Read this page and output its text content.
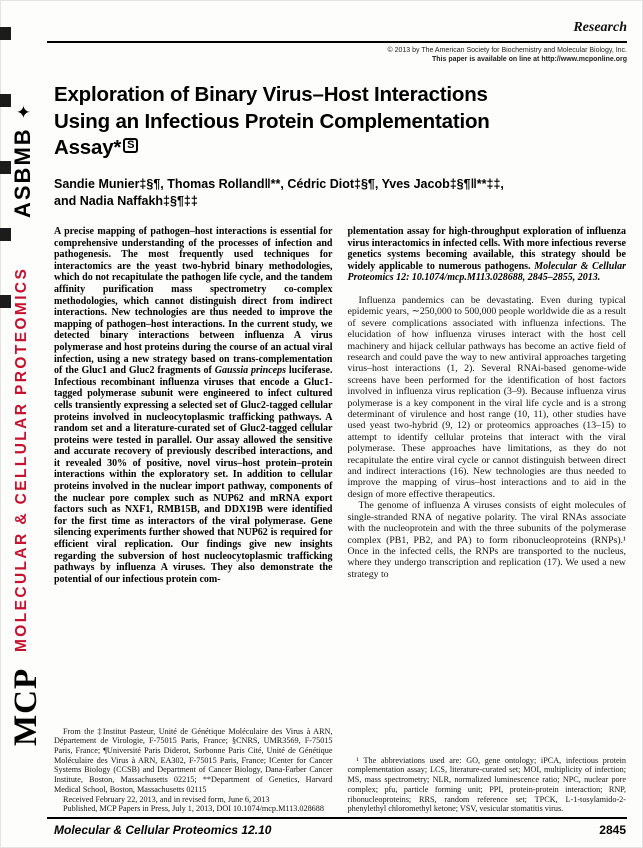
ASBMB✦
MOLECULAR & CELLULAR PROTEOMICS
MCP
Research
© 2013 by The American Society for Biochemistry and Molecular Biology, Inc.
This paper is available on line at http://www.mcponline.org
Exploration of Binary Virus–Host Interactions
Using an Infectious Protein Complementation
Assay* S
Sandie Munier‡§¶, Thomas Rolland‖**, Cédric Diot‡§¶, Yves Jacob‡§¶‖**‡‡,
and Nadia Naffakh‡§¶‡‡

A precise mapping of pathogen–host interactions is essential for comprehensive understanding of the processes of infection and pathogenesis. The most frequently used techniques for interactomics are the yeast two-hybrid binary methodologies, which do not recapitulate the pathogen life cycle, and the tandem affinity purification mass spectrometry co-complex methodologies, which cannot distinguish direct from indirect interactions. New technologies are thus needed to improve the mapping of pathogen–host interactions. In the current study, we detected binary interactions between influenza A virus polymerase and host proteins during the course of an actual viral infection, using a new strategy based on trans-complementation of the Gluc1 and Gluc2 fragments of Gaussia princeps luciferase. Infectious recombinant influenza viruses that encode a Gluc1-tagged polymerase subunit were engineered to infect cultured cells transiently expressing a selected set of Gluc2-tagged cellular proteins involved in nucleocytoplasmic trafficking pathways. A random set and a literature-curated set of Gluc2-tagged cellular proteins were tested in parallel. Our assay allowed the sensitive and accurate recovery of previously described interactions, and it revealed 30% of positive, novel virus–host protein–protein interactions within the exploratory set. In addition to cellular proteins involved in the nuclear import pathway, components of the nuclear pore complex such as NUP62 and mRNA export factors such as NXF1, RMB15B, and DDX19B were identified for the first time as interactors of the viral polymerase. Gene silencing experiments further showed that NUP62 is required for efficient viral replication. Our findings give new insights regarding the subversion of host nucleocytoplasmic trafficking pathways by influenza A viruses. They also demonstrate the potential of our infectious protein com-

From the ‡Institut Pasteur, Unité de Génétique Moléculaire des Virus à ARN, Département de Virologie, F-75015 Paris, France; §CNRS, UMR3569, F-75015 Paris, France; ¶Université Paris Diderot, Sorbonne Paris Cité, Unité de Génétique Moléculaire des Virus à ARN, EA302, F-75015 Paris, France; ‖Center for Cancer Systems Biology (CCSB) and Department of Cancer Biology, Dana-Farber Cancer Institute, Boston, Massachusetts 02215; **Department of Genetics, Harvard Medical School, Boston, Massachusetts 02115

Received February 22, 2013, and in revised form, June 6, 2013

Published, MCP Papers in Press, July 1, 2013, DOI 10.1074/mcp.M113.028688

plementation assay for high-throughput exploration of influenza virus interactomics in infected cells. With more infectious reverse genetics systems becoming available, this strategy should be widely applicable to numerous pathogens. Molecular & Cellular Proteomics 12: 10.1074/mcp.M113.028688, 2845–2855, 2013.

Influenza pandemics can be devastating. Even during typical epidemic years, ∼250,000 to 500,000 people worldwide die as a result of severe complications associated with influenza infections. The elucidation of how influenza viruses interact with the host cell machinery and hijack cellular pathways has become an active field of research and could pave the way to new antiviral approaches targeting virus–host interactions (1, 2). Several RNAi-based genome-wide screens have been performed for the identification of host factors involved in influenza virus replication (3–9). Because influenza virus polymerase is a key component in the viral life cycle and is a strong determinant of virulence and host range (10, 11), other studies have used yeast two-hybrid (9, 12) or proteomics approaches (13–15) to attempt to identify cellular proteins that interact with the viral polymerase. These approaches have limitations, as they do not recapitulate the entire viral cycle or cannot distinguish between direct and indirect interactions (16). New technologies are thus needed to improve the mapping of virus–host interactions and to aid in the design of more effective therapeutics.

The genome of influenza A viruses consists of eight molecules of single-stranded RNA of negative polarity. The viral RNAs associate with the nucleoprotein and with the three subunits of the polymerase complex (PB1, PB2, and PA) to form ribonucleoproteins (RNPs).¹ Once in the infected cells, the RNPs are transported to the nucleus, where they undergo transcription and replication (17). We used a new strategy to

¹ The abbreviations used are: GO, gene ontology; iPCA, infectious protein complementation assay; LCS, literature-curated set; MOI, multiplicity of infection; MS, mass spectrometry; NLR, normalized luminescence ratio; NPC, nuclear pore complex; pfu, particle forming unit; PPI, protein-protein interaction; RNP, ribonucleoproteins; RRS, random reference set; TPCK, L-1-tosylamido-2-phenylethyl chloromethyl ketone; VSV, vesicular stomatitis virus.

Molecular & Cellular Proteomics 12.10	2845
